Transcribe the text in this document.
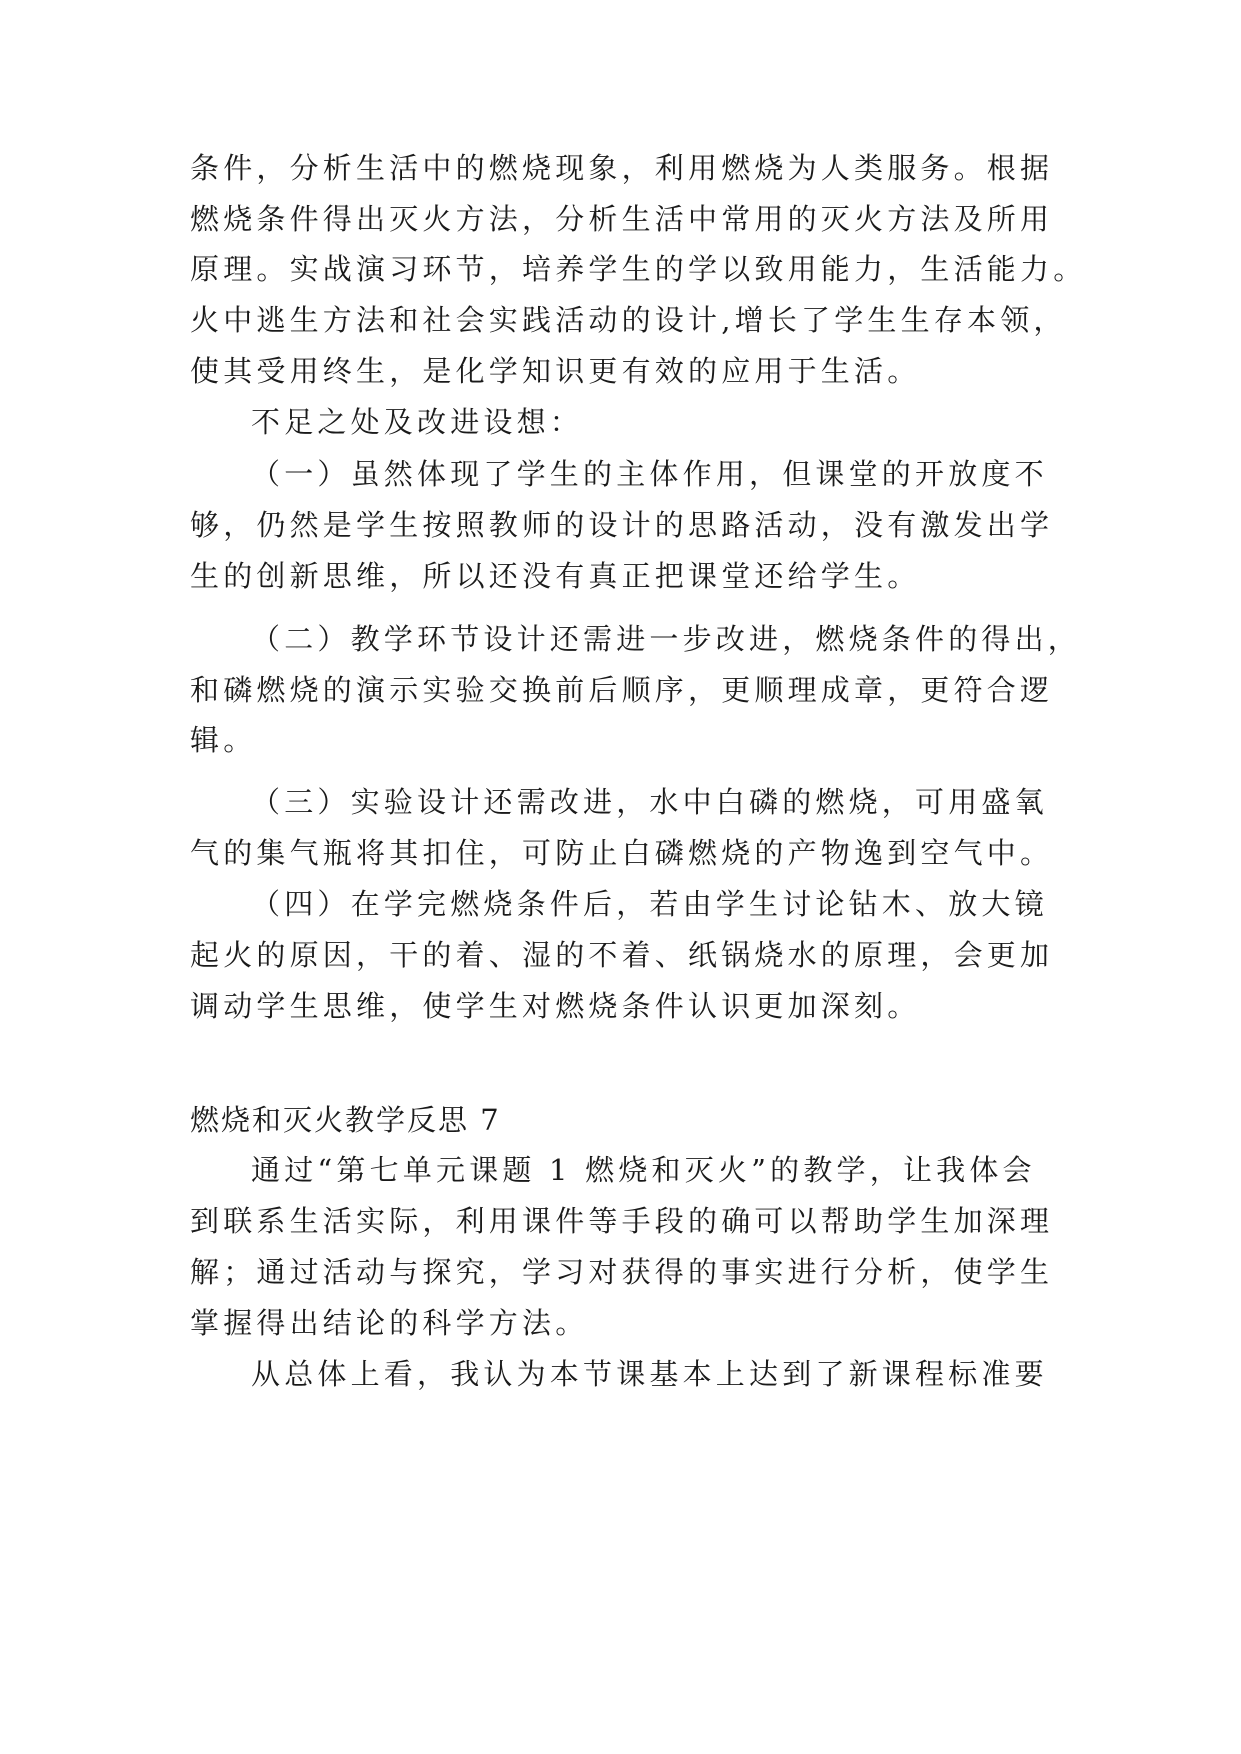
条件，分析生活中的燃烧现象，利用燃烧为人类服务。根据
燃烧条件得出灭火方法，分析生活中常用的灭火方法及所用
原理。实战演习环节，培养学生的学以致用能力，生活能力。
火中逃生方法和社会实践活动的设计,增长了学生生存本领，
使其受用终生，是化学知识更有效的应用于生活。
不足之处及改进设想：
（一）虽然体现了学生的主体作用，但课堂的开放度不
够，仍然是学生按照教师的设计的思路活动，没有激发出学
生的创新思维，所以还没有真正把课堂还给学生。
（二）教学环节设计还需进一步改进，燃烧条件的得出，
和磷燃烧的演示实验交换前后顺序，更顺理成章，更符合逻
辑。
（三）实验设计还需改进，水中白磷的燃烧，可用盛氧
气的集气瓶将其扣住，可防止白磷燃烧的产物逸到空气中。
（四）在学完燃烧条件后，若由学生讨论钻木、放大镜
起火的原因，干的着、湿的不着、纸锅烧水的原理，会更加
调动学生思维，使学生对燃烧条件认识更加深刻。
燃烧和灭火教学反思 7
通过“第七单元课题 1 燃烧和灭火”的教学，让我体会
到联系生活实际，利用课件等手段的确可以帮助学生加深理
解；通过活动与探究，学习对获得的事实进行分析，使学生
掌握得出结论的科学方法。
从总体上看，我认为本节课基本上达到了新课程标准要
